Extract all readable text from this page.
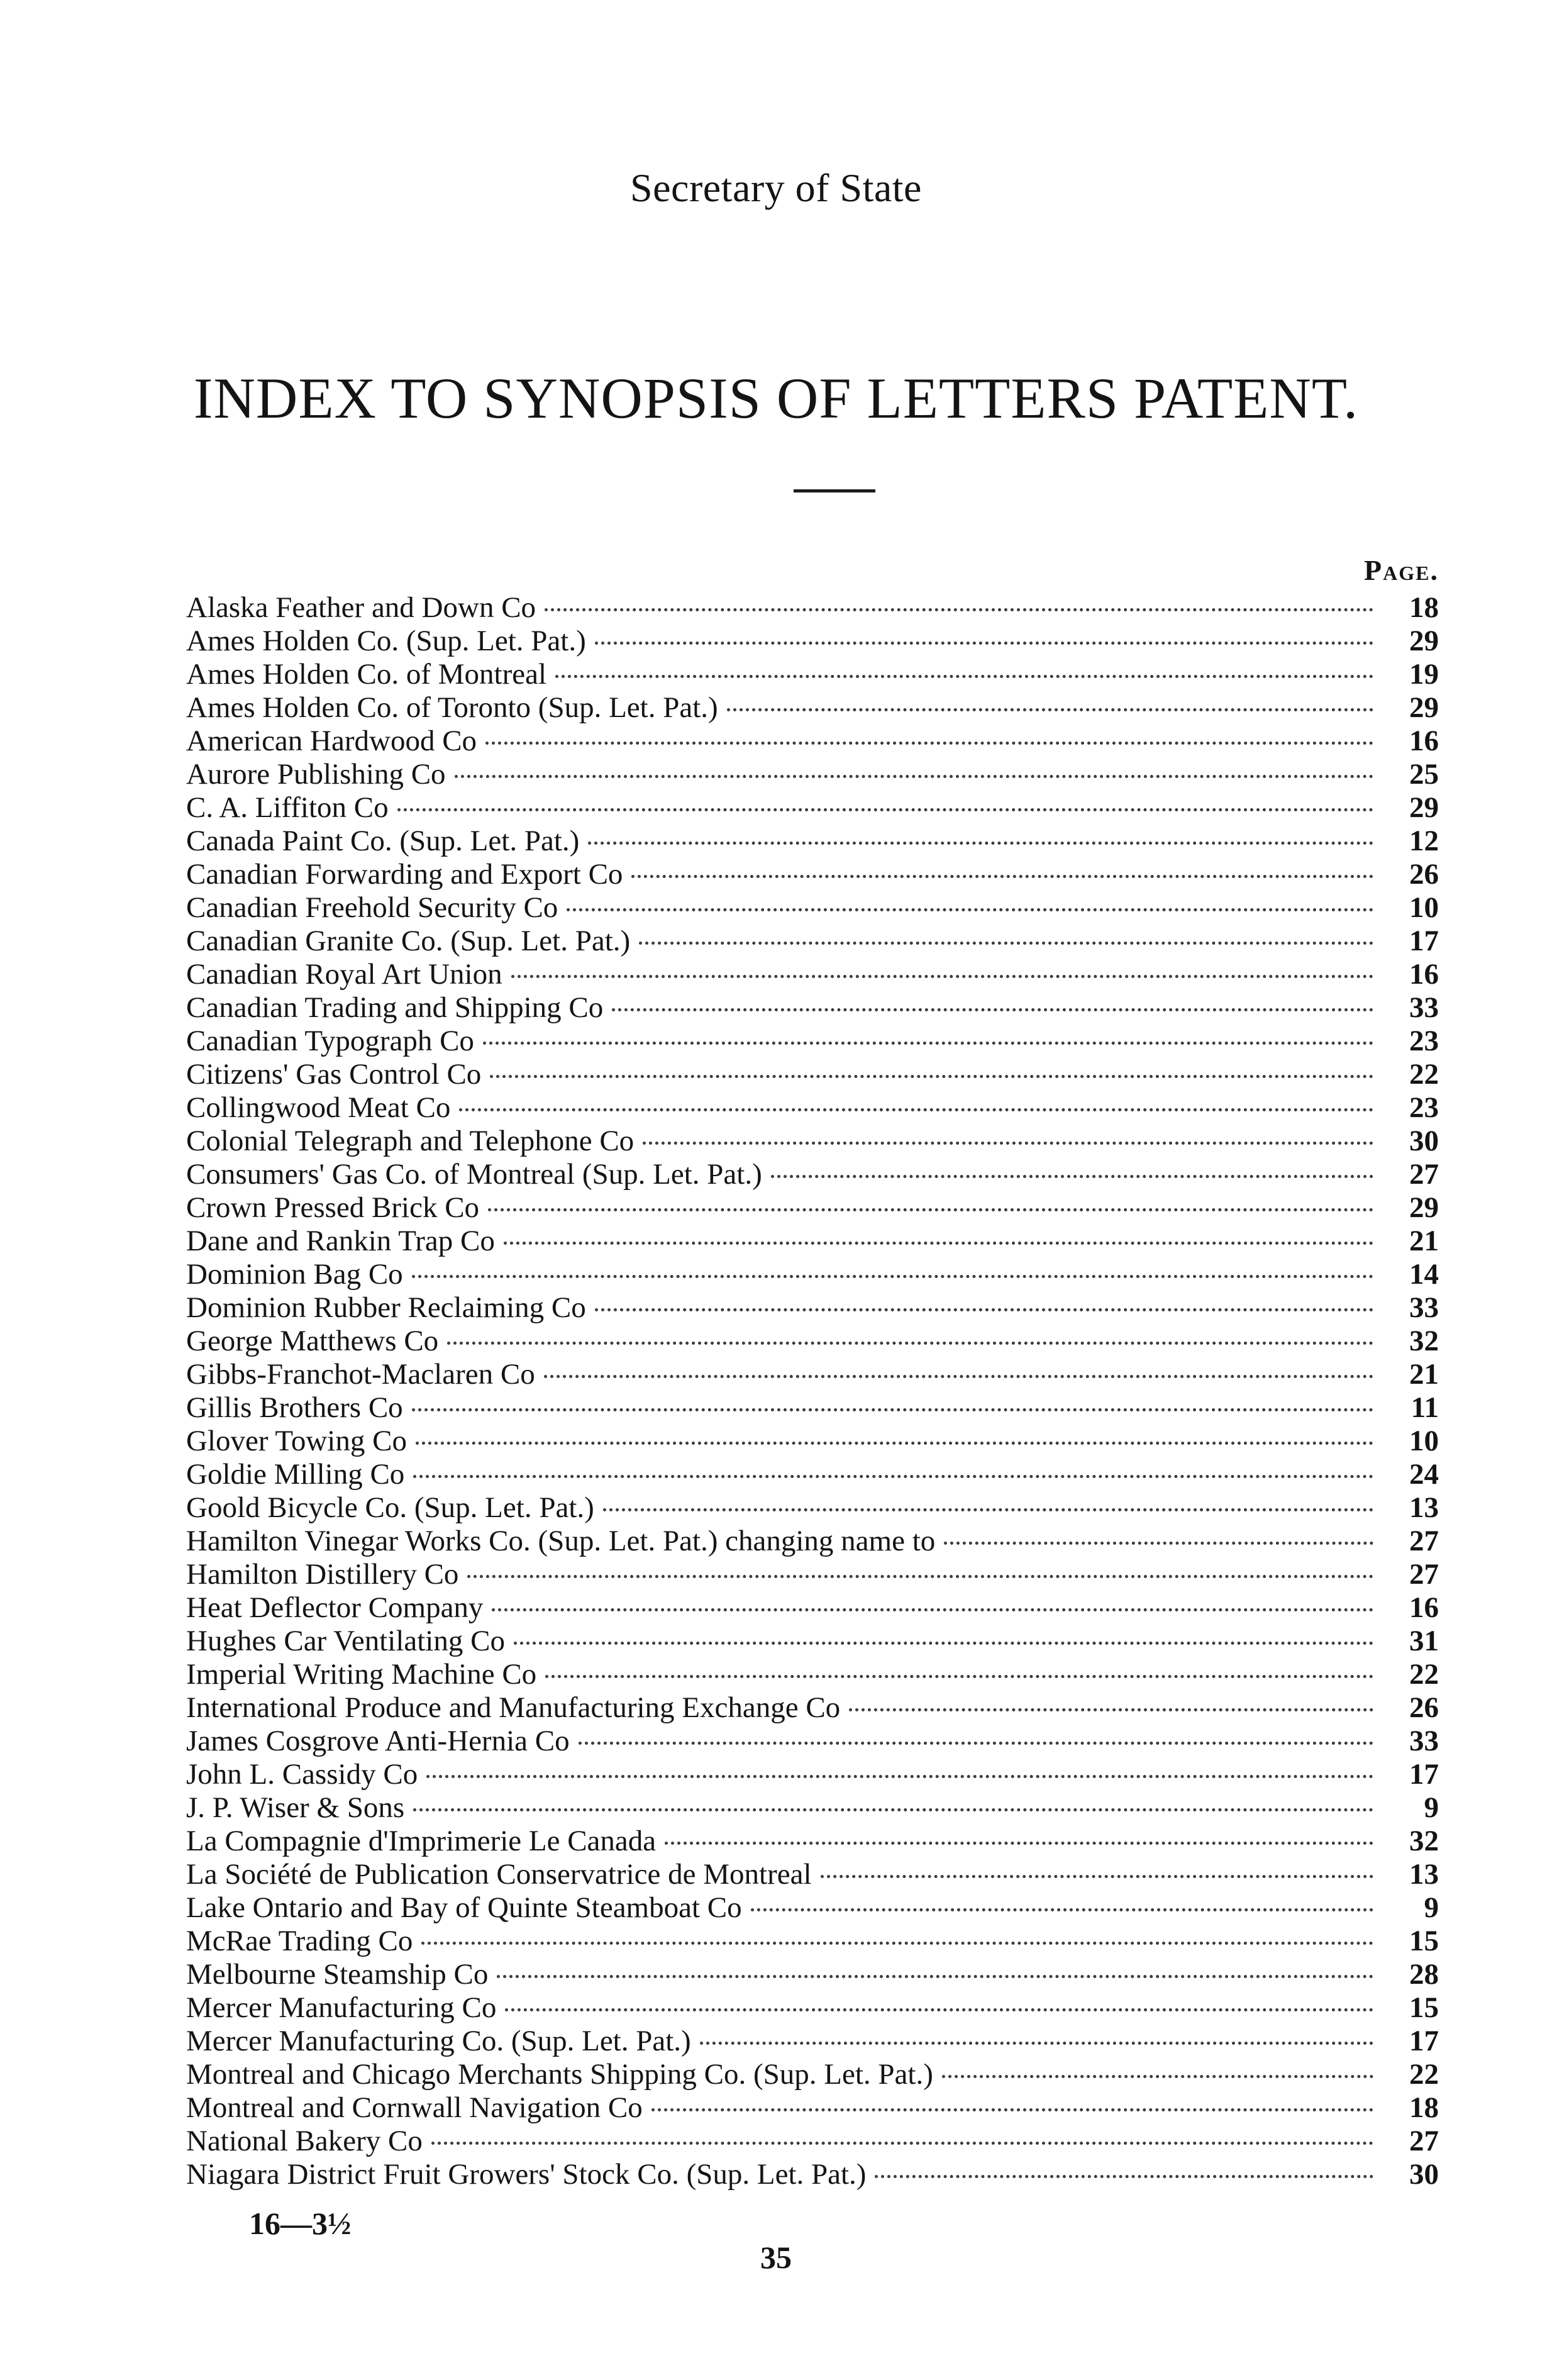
Secretary of State
INDEX TO SYNOPSIS OF LETTERS PATENT.
Page.
Alaska Feather and Down Co	18
Ames Holden Co. (Sup. Let. Pat.)	29
Ames Holden Co. of Montreal	19
Ames Holden Co. of Toronto (Sup. Let. Pat.)	29
American Hardwood Co	16
Aurore Publishing Co	25
C. A. Liffiton Co	29
Canada Paint Co. (Sup. Let. Pat.)	12
Canadian Forwarding and Export Co	26
Canadian Freehold Security Co	10
Canadian Granite Co. (Sup. Let. Pat.)	17
Canadian Royal Art Union	16
Canadian Trading and Shipping Co	33
Canadian Typograph Co	23
Citizens' Gas Control Co	22
Collingwood Meat Co	23
Colonial Telegraph and Telephone Co	30
Consumers' Gas Co. of Montreal (Sup. Let. Pat.)	27
Crown Pressed Brick Co	29
Dane and Rankin Trap Co	21
Dominion Bag Co	14
Dominion Rubber Reclaiming Co	33
George Matthews Co	32
Gibbs-Franchot-Maclaren Co	21
Gillis Brothers Co	11
Glover Towing Co	10
Goldie Milling Co	24
Goold Bicycle Co. (Sup. Let. Pat.)	13
Hamilton Vinegar Works Co. (Sup. Let. Pat.) changing name to	27
Hamilton Distillery Co	27
Heat Deflector Company	16
Hughes Car Ventilating Co	31
Imperial Writing Machine Co	22
International Produce and Manufacturing Exchange Co	26
James Cosgrove Anti-Hernia Co	33
John L. Cassidy Co	17
J. P. Wiser & Sons	9
La Compagnie d'Imprimerie Le Canada	32
La Société de Publication Conservatrice de Montreal	13
Lake Ontario and Bay of Quinte Steamboat Co	9
McRae Trading Co	15
Melbourne Steamship Co	28
Mercer Manufacturing Co	15
Mercer Manufacturing Co. (Sup. Let. Pat.)	17
Montreal and Chicago Merchants Shipping Co. (Sup. Let. Pat.)	22
Montreal and Cornwall Navigation Co	18
National Bakery Co	27
Niagara District Fruit Growers' Stock Co. (Sup. Let. Pat.)	30
16—3½
35
